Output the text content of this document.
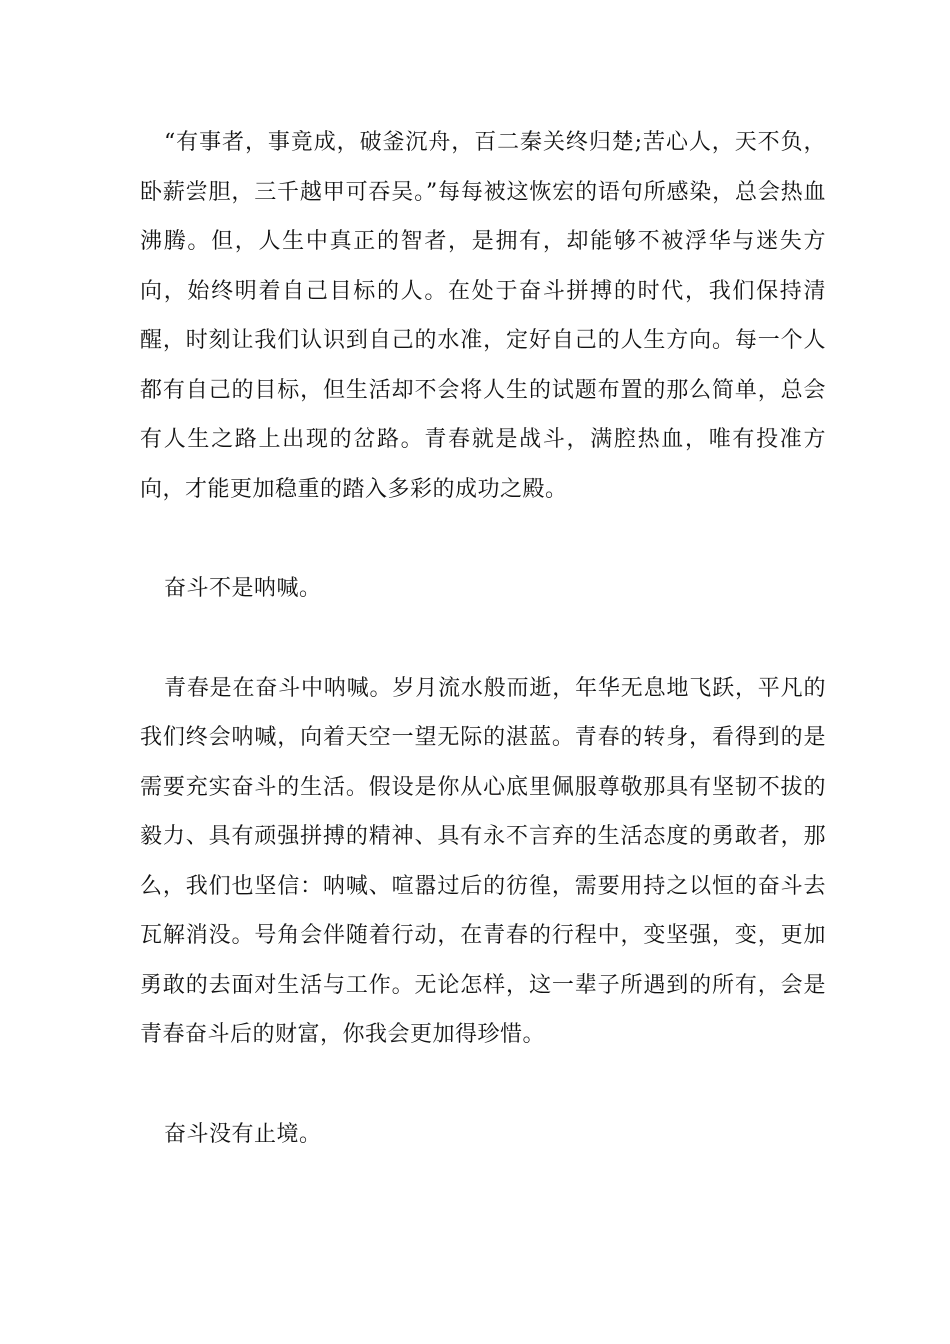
“有事者，事竟成，破釜沉舟，百二秦关终归楚;苦心人，天不负，卧薪尝胆，三千越甲可吞吴。”每每被这恢宏的语句所感染，总会热血沸腾。但，人生中真正的智者，是拥有，却能够不被浮华与迷失方向，始终明着自己目标的人。在处于奋斗拼搏的时代，我们保持清醒，时刻让我们认识到自己的水准，定好自己的人生方向。每一个人都有自己的目标，但生活却不会将人生的试题布置的那么简单，总会有人生之路上出现的岔路。青春就是战斗，满腔热血，唯有投准方向，才能更加稳重的踏入多彩的成功之殿。

奋斗不是呐喊。

青春是在奋斗中呐喊。岁月流水般而逝，年华无息地飞跃，平凡的我们终会呐喊，向着天空一望无际的湛蓝。青春的转身，看得到的是需要充实奋斗的生活。假设是你从心底里佩服尊敬那具有坚韧不拔的毅力、具有顽强拼搏的精神、具有永不言弃的生活态度的勇敢者，那么，我们也坚信：呐喊、喧嚣过后的彷徨，需要用持之以恒的奋斗去瓦解消没。号角会伴随着行动，在青春的行程中，变坚强，变，更加勇敢的去面对生活与工作。无论怎样，这一辈子所遇到的所有，会是青春奋斗后的财富，你我会更加得珍惜。

奋斗没有止境。
